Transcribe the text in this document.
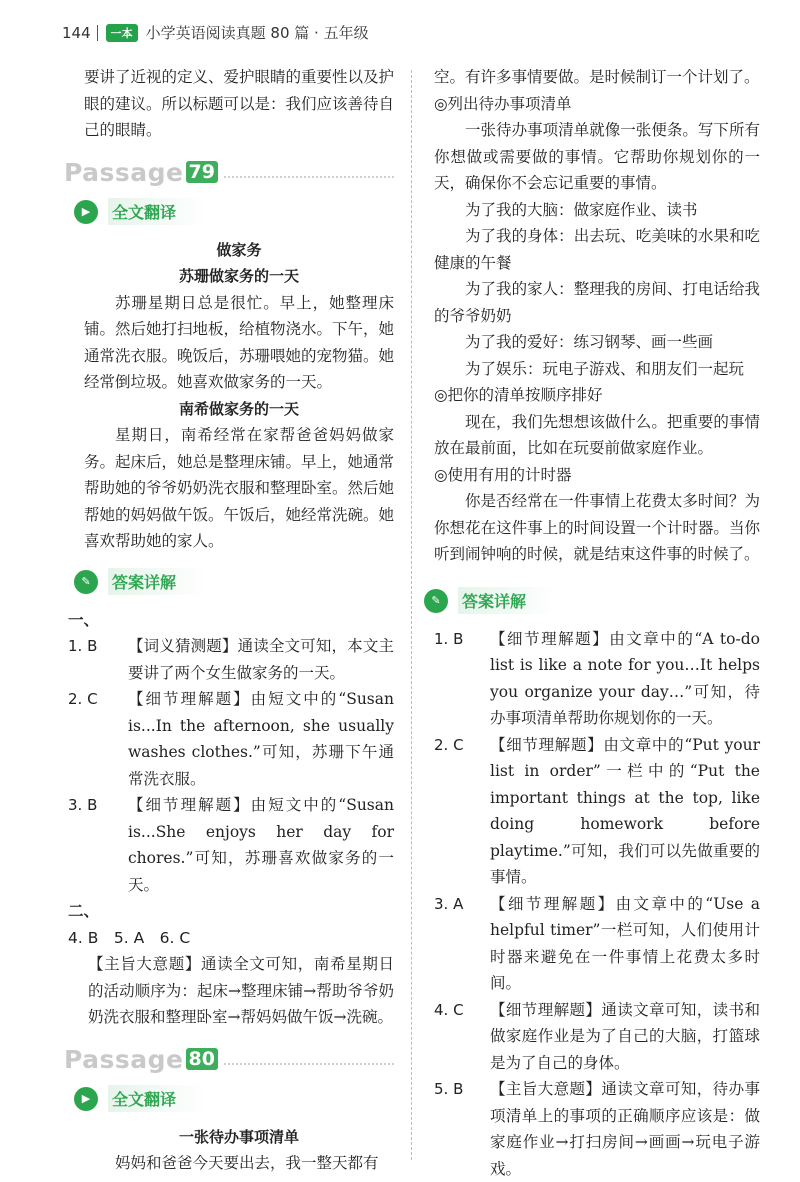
144	一本 小学英语阅读真题 80 篇 · 五年级

要讲了近视的定义、爱护眼睛的重要性以及护眼的建议。所以标题可以是：我们应该善待自己的眼睛。

Passage 79
▶	全文翻译
做家务
苏珊做家务的一天

苏珊星期日总是很忙。早上，她整理床铺。然后她打扫地板，给植物浇水。下午，她通常洗衣服。晚饭后，苏珊喂她的宠物猫。她经常倒垃圾。她喜欢做家务的一天。

南希做家务的一天

星期日，南希经常在家帮爸爸妈妈做家务。起床后，她总是整理床铺。早上，她通常帮助她的爷爷奶奶洗衣服和整理卧室。然后她帮她的妈妈做午饭。午饭后，她经常洗碗。她喜欢帮助她的家人。

✎	答案详解
一、
1. B	【词义猜测题】通读全文可知，本文主要讲了两个女生做家务的一天。

2. C	【细节理解题】由短文中的“Susan is...In the afternoon, she usually washes clothes.”可知，苏珊下午通常洗衣服。

3. B	【细节理解题】由短文中的“Susan is...She enjoys her day for chores.”可知，苏珊喜欢做家务的一天。

二、
4. B　5. A　6. C

【主旨大意题】通读全文可知，南希星期日的活动顺序为：起床→整理床铺→帮助爷爷奶奶洗衣服和整理卧室→帮妈妈做午饭→洗碗。

Passage 80
▶	全文翻译
一张待办事项清单

妈妈和爸爸今天要出去，我一整天都有

空。有许多事情要做。是时候制订一个计划了。

◎列出待办事项清单

一张待办事项清单就像一张便条。写下所有你想做或需要做的事情。它帮助你规划你的一天，确保你不会忘记重要的事情。

为了我的大脑：做家庭作业、读书

为了我的身体：出去玩、吃美味的水果和吃健康的午餐

为了我的家人：整理我的房间、打电话给我的爷爷奶奶

为了我的爱好：练习钢琴、画一些画

为了娱乐：玩电子游戏、和朋友们一起玩

◎把你的清单按顺序排好

现在，我们先想想该做什么。把重要的事情放在最前面，比如在玩耍前做家庭作业。

◎使用有用的计时器

你是否经常在一件事情上花费太多时间？为你想花在这件事上的时间设置一个计时器。当你听到闹钟响的时候，就是结束这件事的时候了。

✎	答案详解
1. B	【细节理解题】由文章中的“A to-do list is like a note for you…It helps you organize your day…”可知，待办事项清单帮助你规划你的一天。

2. C	【细节理解题】由文章中的“Put your list in order”一栏中的“Put the important things at the top, like doing homework before playtime.”可知，我们可以先做重要的事情。

3. A	【细节理解题】由文章中的“Use a helpful timer”一栏可知，人们使用计时器来避免在一件事情上花费太多时间。

4. C	【细节理解题】通读文章可知，读书和做家庭作业是为了自己的大脑，打篮球是为了自己的身体。

5. B	【主旨大意题】通读文章可知，待办事项清单上的事项的正确顺序应该是：做家庭作业→打扫房间→画画→玩电子游戏。
